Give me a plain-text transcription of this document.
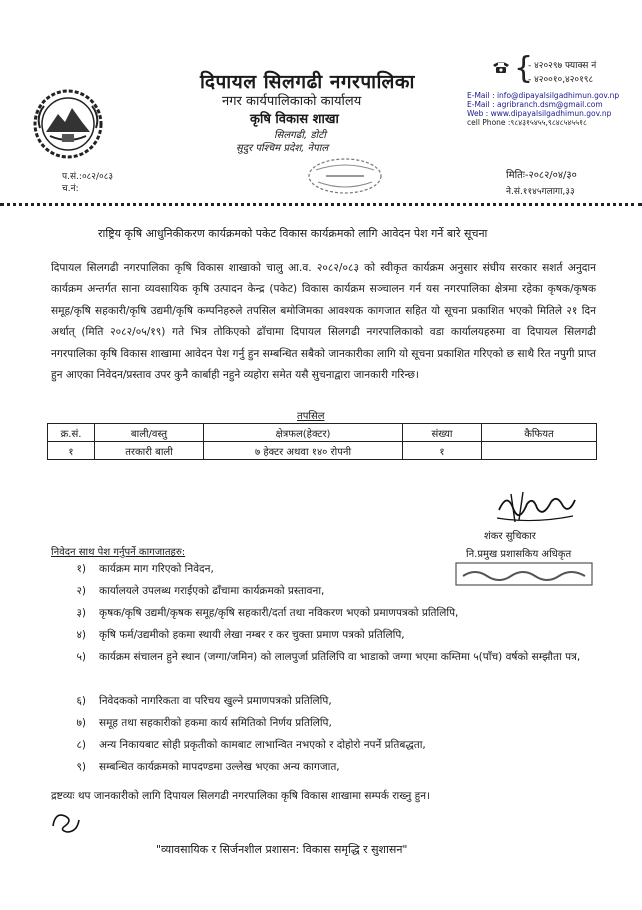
दिपायल सिलगढी नगरपालिका
नगर कार्यपालिकाको कार्यालय
कृषि विकास शाखा
सिलगढी, डोटी
सुदुर पश्चिम प्रदेश, नेपाल
{
- ४२०२९७ फ्याक्स नं
- ४२००१०,४२०१९८
E-Mail : info@dipayalsilgadhimun.gov.np
E-Mail : agribranch.dsm@gmail.com
Web : www.dipayalsilgadhimun.gov.np
cell Phone :९८४३१५४५५,९८४८५४५५१८
प.सं.:०८२/०८३
च.नं:
मितिः-२०८२/०४/३०
ने.सं.११४५गलागा,३३
राष्ट्रिय कृषि आधुनिकीकरण कार्यक्रमको पकेट विकास कार्यक्रमको लागि आवेदन पेश गर्ने बारे सूचना
दिपायल सिलगढी नगरपालिका कृषि विकास शाखाको चालु आ.व. २०८२/०८३ को स्वीकृत कार्यक्रम अनुसार संघीय सरकार सशर्त अनुदान कार्यक्रम अन्तर्गत साना व्यवसायिक कृषि उत्पादन केन्द्र (पकेट) विकास कार्यक्रम सञ्चालन गर्न यस नगरपालिका क्षेत्रमा रहेका कृषक/कृषक समूह/कृषि सहकारी/कृषि उद्यमी/कृषि कम्पनिहरुले तपसिल बमोजिमका आवश्यक कागजात सहित यो सूचना प्रकाशित भएको मितिले २१ दिन अर्थात् (मिति २०८२/०५/१९) गते भित्र तोकिएको ढाँचामा दिपायल सिलगढी नगरपालिकाको वडा कार्यालयहरुमा वा दिपायल सिलगढी नगरपालिका कृषि विकास शाखामा आवेदन पेश गर्नु हुन सम्बन्धित सबैको जानकारीका लागि यो सूचना प्रकाशित गरिएको छ साथै रित नपुगी प्राप्त हुन आएका निवेदन/प्रस्ताव उपर कुनै कार्बाही नहुने व्यहोरा समेत यसै सुचनाद्वारा जानकारी गरिन्छ।
तपसिल
क्र.सं.	बाली/वस्तु	क्षेत्रफल(हेक्टर)	संख्या	कैफियत
१	तरकारी बाली	७ हेक्टर अथवा १४० रोपनी	१	
शंकर सुचिकार
नि.प्रमुख प्रशासकिय अधिकृत
निवेदन साथ पेश गर्नुपर्ने कागजातहरु:
१) कार्यक्रम माग गरिएको निवेदन,
२) कार्यालयले उपलब्ध गराईएको ढाँचामा कार्यक्रमको प्रस्तावना,
३) कृषक/कृषि उद्यमी/कृषक समूह/कृषि सहकारी/दर्ता तथा नविकरण भएको प्रमाणपत्रको प्रतिलिपि,
४) कृषि फर्म/उद्यमीको हकमा स्थायी लेखा नम्बर र कर चुक्ता प्रमाण पत्रको प्रतिलिपि,
५) कार्यक्रम संचालन हुने स्थान (जग्गा/जमिन) को लालपुर्जा प्रतिलिपि वा भाडाको जग्गा भएमा कम्तिमा ५(पाँच) वर्षको सम्झौता पत्र,
६) निवेदकको नागरिकता वा परिचय खुल्ने प्रमाणपत्रको प्रतिलिपि,
७) समूह तथा सहकारीको हकमा कार्य समितिको निर्णय प्रतिलिपि,
८) अन्य निकायबाट सोही प्रकृतीको कामबाट लाभान्वित नभएको र दोहोरो नपर्ने प्रतिबद्धता,
९) सम्बन्धित कार्यक्रमको मापदण्डमा उल्लेख भएका अन्य कागजात,
द्रष्टव्यः थप जानकारीको लागि दिपायल सिलगढी नगरपालिका कृषि विकास शाखामा सम्पर्क राख्नु हुन।
"व्यावसायिक र सिर्जनशील प्रशासन: विकास समृद्धि र सुशासन"
